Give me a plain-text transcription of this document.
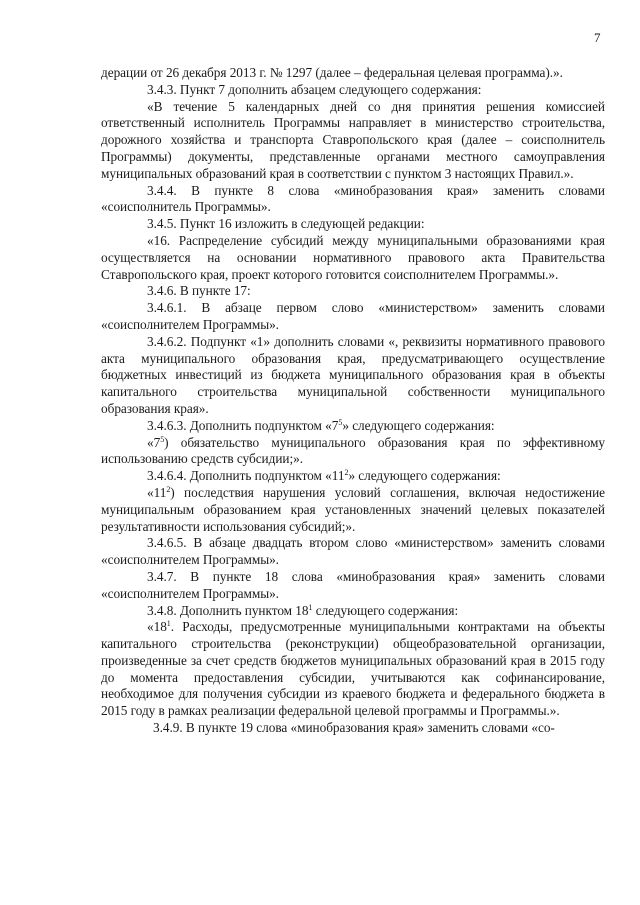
7

дерации от 26 декабря 2013 г. № 1297 (далее – федеральная целевая программа).».

3.4.3. Пункт 7 дополнить абзацем следующего содержания:

«В течение 5 календарных дней со дня принятия решения комиссией ответственный исполнитель Программы направляет в министерство строительства, дорожного хозяйства и транспорта Ставропольского края (далее – соисполнитель Программы) документы, представленные органами местного самоуправления муниципальных образований края в соответствии с пунктом 3 настоящих Правил.».

3.4.4. В пункте 8 слова «минобразования края» заменить словами «соисполнитель Программы».

3.4.5. Пункт 16 изложить в следующей редакции:

«16. Распределение субсидий между муниципальными образованиями края осуществляется на основании нормативного правового акта Правительства Ставропольского края, проект которого готовится соисполнителем Программы.».

3.4.6. В пункте 17:

3.4.6.1. В абзаце первом слово «министерством» заменить словами «соисполнителем Программы».

3.4.6.2. Подпункт «1» дополнить словами «, реквизиты нормативного правового акта муниципального образования края, предусматривающего осуществление бюджетных инвестиций из бюджета муниципального образования края в объекты капитального строительства муниципальной собственности муниципального образования края».

3.4.6.3. Дополнить подпунктом «$7^5$» следующего содержания:

«$7^5$) обязательство муниципального образования края по эффективному использованию средств субсидии;».

3.4.6.4. Дополнить подпунктом «$11^2$» следующего содержания:

«$11^2$) последствия нарушения условий соглашения, включая недостижение муниципальным образованием края установленных значений целевых показателей результативности использования субсидий;».

3.4.6.5. В абзаце двадцать втором слово «министерством» заменить словами «соисполнителем Программы».

3.4.7. В пункте 18 слова «минобразования края» заменить словами «соисполнителем Программы».

3.4.8. Дополнить пунктом $18^1$ следующего содержания:

«$18^1$. Расходы, предусмотренные муниципальными контрактами на объекты капитального строительства (реконструкции) общеобразовательной организации, произведенные за счет средств бюджетов муниципальных образований края в 2015 году до момента предоставления субсидии, учитываются как софинансирование, необходимое для получения субсидии из краевого бюджета и федерального бюджета в 2015 году в рамках реализации федеральной целевой программы и Программы.».

3.4.9. В пункте 19 слова «минобразования края» заменить словами «со-
